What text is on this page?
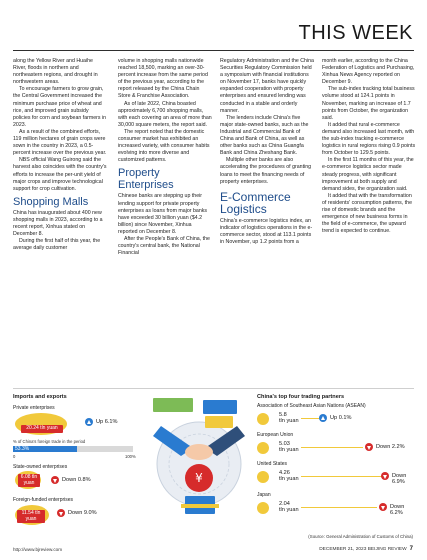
THIS WEEK

along the Yellow River and Huaihe River, floods in northern and northeastern regions, and drought in northwestern areas.

To encourage farmers to grow grain, the Central Government increased the minimum purchase price of wheat and rice, and improved grain subsidy policies for corn and soybean farmers in 2023.

As a result of the combined efforts, 119 million hectares of grain crops were sown in the country in 2023, a 0.5-percent increase over the previous year.

NBS official Wang Guirong said the harvest also coincides with the country's efforts to increase the per-unit yield of major crops and improve technological support for crop cultivation.

Shopping Malls

China has inaugurated about 400 new shopping malls in 2023, according to a recent report, Xinhua stated on December 8.

During the first half of this year, the average daily customer

volume in shopping malls nationwide reached 18,500, marking an over-30-percent increase from the same period of the previous year, according to the report released by the China Chain Store & Franchise Association.

As of late 2022, China boasted approximately 6,700 shopping malls, with each covering an area of more than 30,000 square meters, the report said.

The report noted that the domestic consumer market has exhibited an increased variety, with consumer habits evolving into more diverse and customized patterns.

Property Enterprises

Chinese banks are stepping up their lending support for private property enterprises as loans from major banks have exceeded 30 billion yuan ($4.2 billion) since November, Xinhua reported on December 8.

After the People's Bank of China, the country's central bank, the National Financial

Regulatory Administration and the China Securities Regulatory Commission held a symposium with financial institutions on November 17, banks have quickly expanded cooperation with property enterprises and ensured lending was conducted in a stable and orderly manner.

The lenders include China's five major state-owned banks, such as the Industrial and Commercial Bank of China and Bank of China, as well as other banks such as China Guangfa Bank and China Zheshang Bank.

Multiple other banks are also accelerating the procedures of granting loans to meet the financing needs of property enterprises.

E-Commerce Logistics

China's e-commerce logistics index, an indicator of logistics operations in the e-commerce sector, stood at 113.1 points in November, up 1.2 points from a

month earlier, according to the China Federation of Logistics and Purchasing, Xinhua News Agency reported on December 9.

The sub-index tracking total business volume stood at 124.1 points in November, marking an increase of 1.7 points from October, the organization said.

It added that rural e-commerce demand also increased last month, with the sub-index tracking e-commerce logistics in rural regions rising 0.9 points from October to 129.5 points.

In the first 11 months of this year, the e-commerce logistics sector made steady progress, with significant improvement at both supply and demand sides, the organization said.

It added that with the transformation of residents' consumption patterns, the rise of domestic brands and the emergence of new business forms in the field of e-commerce, the upward trend is expected to continue.

Imports and exports
Private enterprises
20.24 tln yuan
Up 6.1%
% of China's foreign trade in the period
53.3%
0	100%
State-owned enterprises
6.08 tln yuan	Down 0.8%
Foreign-funded enterprises
11.54 tln yuan
Down 9.0%
¥
China's top four trading partners
Association of Southeast Asian Nations (ASEAN)
5.8
tln yuan	Up 0.1%
European Union
5.03
tln yuan	Down 2.2%
United States
4.26
tln yuan	Down 6.9%
Japan
2.04
tln yuan	Down 6.2%
(Source: General Administration of Customs of China)
http://www.bjreview.com	DECEMBER 21, 2023 BEIJING REVIEW 7
